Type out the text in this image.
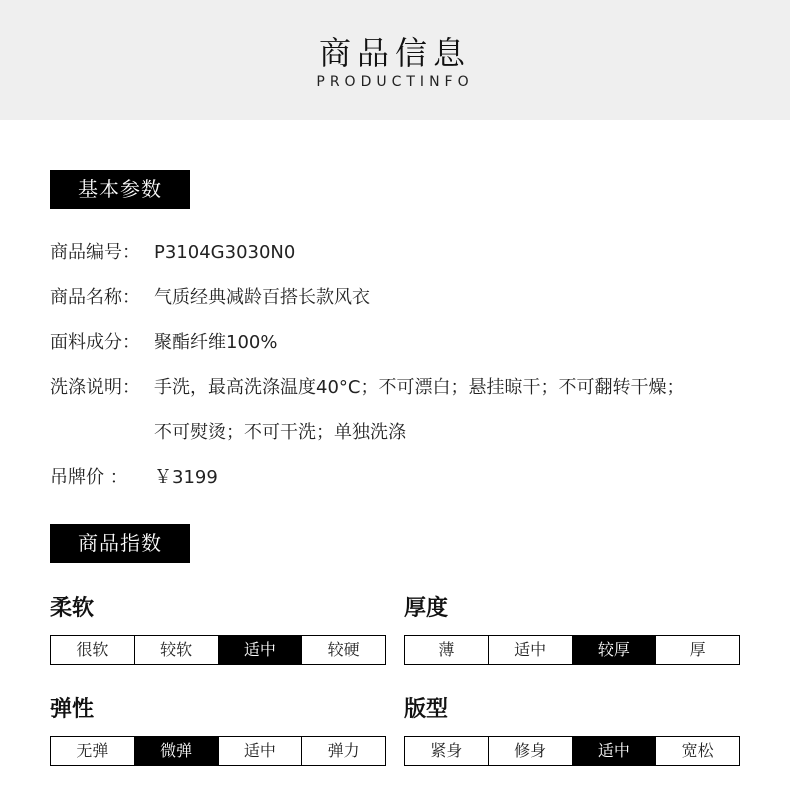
商品信息
PRODUCTINFO
基本参数
商品编号： P3104G3030N0
商品名称： 气质经典减龄百搭长款风衣
面料成分： 聚酯纤维100%
洗涤说明： 手洗，最高洗涤温度40°C；不可漂白；悬挂晾干；不可翻转干燥；
不可熨烫；不可干洗；单独洗涤
吊牌价 ： ￥3199
商品指数
柔软
很软	较软	适中	较硬
厚度
薄	适中	较厚	厚
弹性
无弹	微弹	适中	弹力
版型
紧身	修身	适中	宽松
